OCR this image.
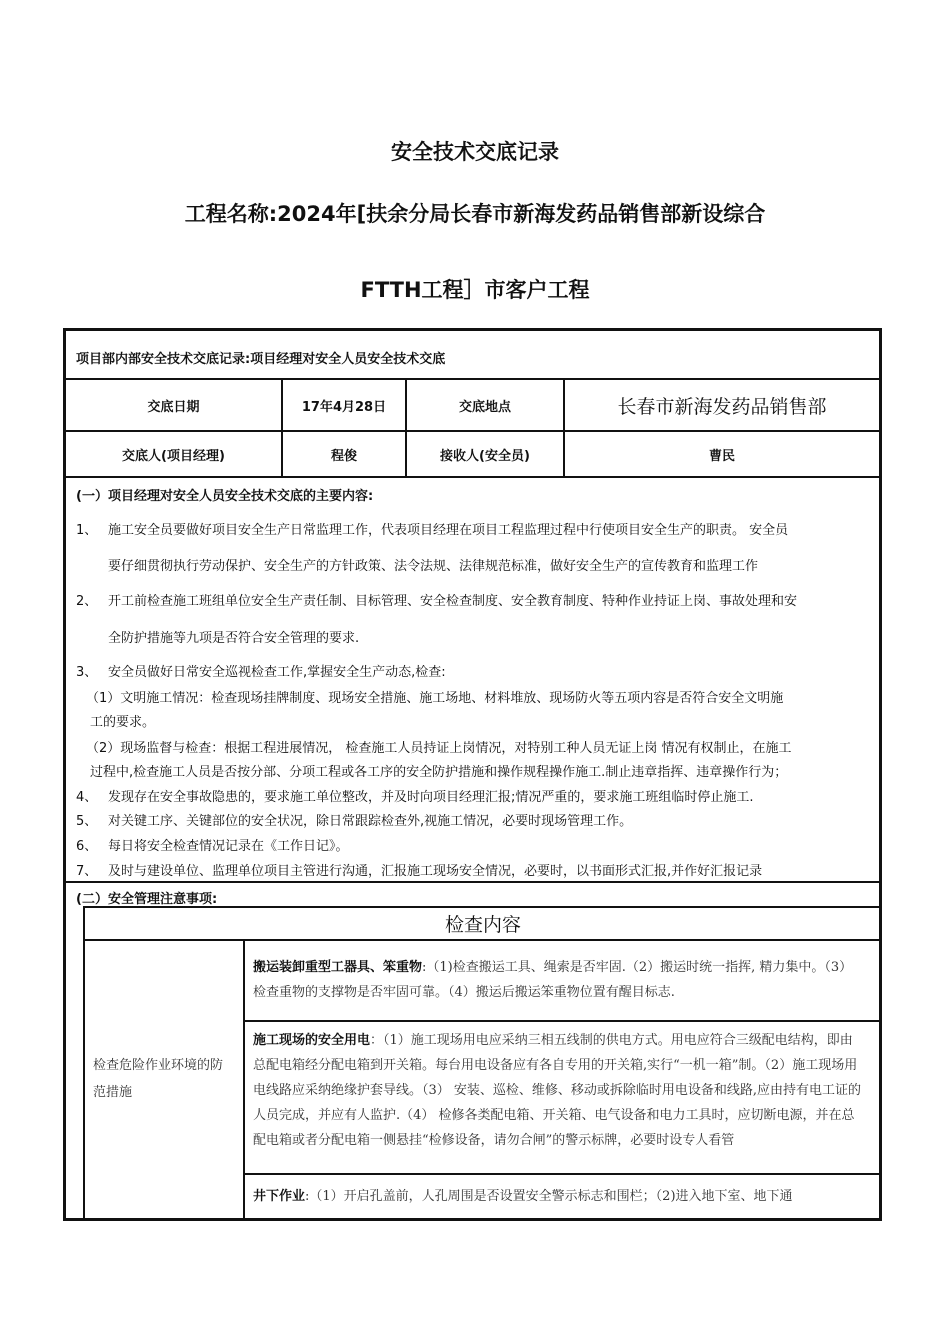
安全技术交底记录
工程名称:2024年[扶余分局长春市新海发药品销售部新设综合
FTTH工程］市客户工程
项目部内部安全技术交底记录:项目经理对安全人员安全技术交底
交底日期	17年4月28日	交底地点	长春市新海发药品销售部
交底人(项目经理)	程俊	接收人(安全员)	曹民
(一）项目经理对安全人员安全技术交底的主要内容:
1、 施工安全员要做好项目安全生产日常监理工作，代表项目经理在项目工程监理过程中行使项目安全生产的职责。 安全员
要仔细贯彻执行劳动保护、安全生产的方针政策、法令法规、法律规范标准，做好安全生产的宣传教育和监理工作
2、 开工前检查施工班组单位安全生产责任制、目标管理、安全检查制度、安全教育制度、特种作业持证上岗、事故处理和安
全防护措施等九项是否符合安全管理的要求.
3、 安全员做好日常安全巡视检查工作,掌握安全生产动态,检查:
（1）文明施工情况：检查现场挂牌制度、现场安全措施、施工场地、材料堆放、现场防火等五项内容是否符合安全文明施
工的要求。
（2）现场监督与检查：根据工程进展情况， 检查施工人员持证上岗情况，对特别工种人员无证上岗 情况有权制止，在施工
过程中,检查施工人员是否按分部、分项工程或各工序的安全防护措施和操作规程操作施工.制止违章指挥、违章操作行为；
4、 发现存在安全事故隐患的，要求施工单位整改，并及时向项目经理汇报;情况严重的，要求施工班组临时停止施工.
5、 对关键工序、关键部位的安全状况，除日常跟踪检查外,视施工情况，必要时现场管理工作。
6、 每日将安全检查情况记录在《工作日记》。
7、 及时与建设单位、监理单位项目主管进行沟通，汇报施工现场安全情况，必要时，以书面形式汇报,并作好汇报记录
(二）安全管理注意事项:
检查内容
检查危险作业环境的防范措施
搬运装卸重型工器具、笨重物:（1)检查搬运工具、绳索是否牢固.（2）搬运时统一指挥, 精力集中。（3）检查重物的支撑物是否牢固可靠。（4）搬运后搬运笨重物位置有醒目标志.
施工现场的安全用电：（1）施工现场用电应采纳三相五线制的供电方式。用电应符合三级配电结构，即由总配电箱经分配电箱到开关箱。每台用电设备应有各自专用的开关箱,实行“一机一箱”制。（2）施工现场用电线路应采纳绝缘护套导线。（3） 安装、巡检、维修、移动或拆除临时用电设备和线路,应由持有电工证的人员完成，并应有人监护.（4） 检修各类配电箱、开关箱、电气设备和电力工具时，应切断电源，并在总配电箱或者分配电箱一侧悬挂“检修设备，请勿合闸”的警示标牌，必要时设专人看管
井下作业:（1）开启孔盖前，人孔周围是否设置安全警示标志和围栏；（2)进入地下室、地下通
